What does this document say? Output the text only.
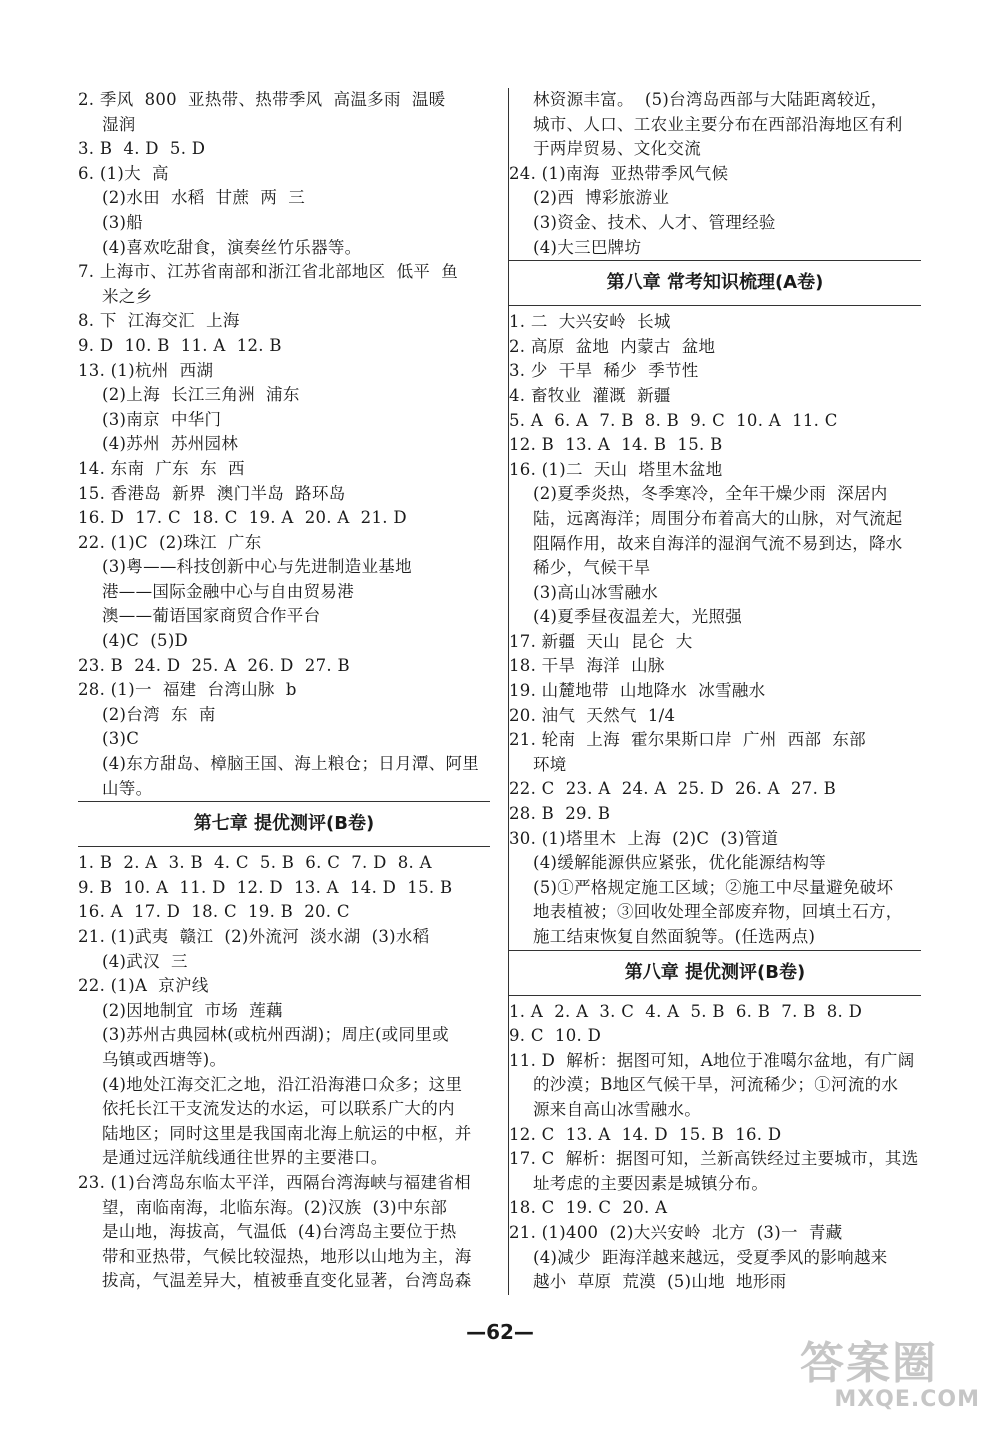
2. 季风  800  亚热带、热带季风  高温多雨  温暖
湿润
3. B  4. D  5. D
6. (1)大  高
(2)水田  水稻  甘蔗  两  三
(3)船
(4)喜欢吃甜食，演奏丝竹乐器等。
7. 上海市、江苏省南部和浙江省北部地区  低平  鱼
米之乡
8. 下  江海交汇  上海
9. D  10. B  11. A  12. B
13. (1)杭州  西湖
(2)上海  长江三角洲  浦东
(3)南京  中华门
(4)苏州  苏州园林
14. 东南  广东  东  西
15. 香港岛  新界  澳门半岛  路环岛
16. D  17. C  18. C  19. A  20. A  21. D
22. (1)C  (2)珠江  广东
(3)粤——科技创新中心与先进制造业基地
港——国际金融中心与自由贸易港
澳——葡语国家商贸合作平台
(4)C  (5)D
23. B  24. D  25. A  26. D  27. B
28. (1)一  福建  台湾山脉  b
(2)台湾  东  南
(3)C
(4)东方甜岛、樟脑王国、海上粮仓；日月潭、阿里
山等。
第七章 提优测评(B卷)
1. B  2. A  3. B  4. C  5. B  6. C  7. D  8. A
9. B  10. A  11. D  12. D  13. A  14. D  15. B
16. A  17. D  18. C  19. B  20. C
21. (1)武夷  赣江  (2)外流河  淡水湖  (3)水稻
(4)武汉  三
22. (1)A  京沪线
(2)因地制宜  市场  莲藕
(3)苏州古典园林(或杭州西湖)；周庄(或同里或
乌镇或西塘等)。
(4)地处江海交汇之地，沿江沿海港口众多；这里
依托长江干支流发达的水运，可以联系广大的内
陆地区；同时这里是我国南北海上航运的中枢，并
是通过远洋航线通往世界的主要港口。
23. (1)台湾岛东临太平洋，西隔台湾海峡与福建省相
望，南临南海，北临东海。(2)汉族  (3)中东部
是山地，海拔高，气温低  (4)台湾岛主要位于热
带和亚热带，气候比较湿热，地形以山地为主，海
拔高，气温差异大，植被垂直变化显著，台湾岛森
林资源丰富。  (5)台湾岛西部与大陆距离较近，
城市、人口、工农业主要分布在西部沿海地区有利
于两岸贸易、文化交流
24. (1)南海  亚热带季风气候
(2)西  博彩旅游业
(3)资金、技术、人才、管理经验
(4)大三巴牌坊
第八章 常考知识梳理(A卷)
1. 二  大兴安岭  长城
2. 高原  盆地  内蒙古  盆地
3. 少  干旱  稀少  季节性
4. 畜牧业  灌溉  新疆
5. A  6. A  7. B  8. B  9. C  10. A  11. C
12. B  13. A  14. B  15. B
16. (1)二  天山  塔里木盆地
(2)夏季炎热，冬季寒冷，全年干燥少雨  深居内
陆，远离海洋；周围分布着高大的山脉，对气流起
阻隔作用，故来自海洋的湿润气流不易到达，降水
稀少，气候干旱
(3)高山冰雪融水
(4)夏季昼夜温差大，光照强
17. 新疆  天山  昆仑  大
18. 干旱  海洋  山脉
19. 山麓地带  山地降水  冰雪融水
20. 油气  天然气  1/4
21. 轮南  上海  霍尔果斯口岸  广州  西部  东部
环境
22. C  23. A  24. A  25. D  26. A  27. B
28. B  29. B
30. (1)塔里木  上海  (2)C  (3)管道
(4)缓解能源供应紧张，优化能源结构等
(5)①严格规定施工区域；②施工中尽量避免破坏
地表植被；③回收处理全部废弃物，回填土石方，
施工结束恢复自然面貌等。(任选两点)
第八章 提优测评(B卷)
1. A  2. A  3. C  4. A  5. B  6. B  7. B  8. D
9. C  10. D
11. D  解析：据图可知，A地位于准噶尔盆地，有广阔
的沙漠；B地区气候干旱，河流稀少；①河流的水
源来自高山冰雪融水。
12. C  13. A  14. D  15. B  16. D
17. C  解析：据图可知，兰新高铁经过主要城市，其选
址考虑的主要因素是城镇分布。
18. C  19. C  20. A
21. (1)400  (2)大兴安岭  北方  (3)一  青藏
(4)减少  距海洋越来越远，受夏季风的影响越来
越小  草原  荒漠  (5)山地  地形雨
—62—
答案圈
MXQE.COM
